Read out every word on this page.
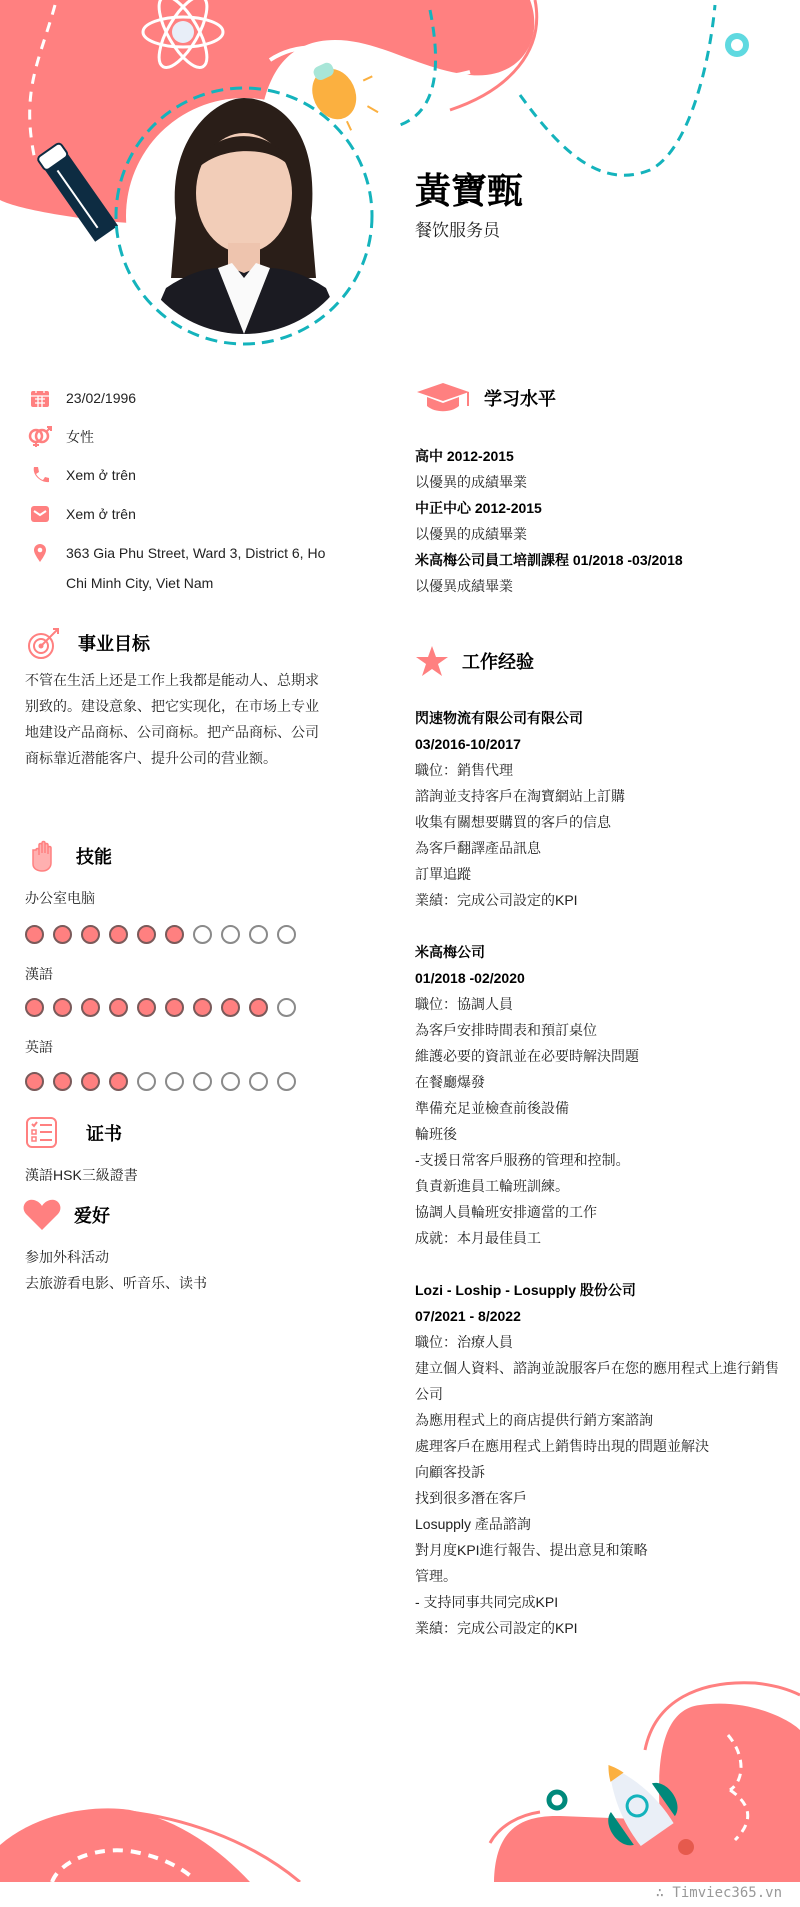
黃寶甄
餐饮服务员
23/02/1996
女性
Xem ở trên
Xem ở trên
363 Gia Phu Street, Ward 3, District 6, Ho Chi Minh City, Viet Nam
事业目标
不管在生活上还是工作上我都是能动人、总期求别致的。建设意象、把它实现化，在市场上专业地建设产品商标、公司商标。把产品商标、公司商标靠近潜能客户、提升公司的营业额。
技能
办公室电脑
漢語
英語
证书
漢語HSK三級證書
爱好
参加外科活动
去旅游看电影、听音乐、读书
学习水平
高中 2012-2015
以優異的成績畢業
中正中心 2012-2015
以優異的成績畢業
米高梅公司員工培訓課程 01/2018 -03/2018
以優異成績畢業
工作经验
閃速物流有限公司有限公司
03/2016-10/2017
職位：銷售代理
諮詢並支持客戶在淘寶網站上訂購
收集有關想要購買的客戶的信息
為客戶翻譯產品訊息
訂單追蹤
業績：完成公司設定的KPI
米高梅公司
01/2018 -02/2020
職位：協調人員
為客戶安排時間表和預訂桌位
維護必要的資訊並在必要時解決問題
在餐廳爆發
準備充足並檢查前後設備
輪班後
-支援日常客戶服務的管理和控制。
負責新進員工輪班訓練。
協調人員輪班安排適當的工作
成就：本月最佳員工
Lozi - Loship - Losupply 股份公司
07/2021 - 8/2022
職位：治療人員
建立個人資料、諮詢並說服客戶在您的應用程式上進行銷售
公司
為應用程式上的商店提供行銷方案諮詢
處理客戶在應用程式上銷售時出現的問題並解決
向顧客投訴
找到很多潛在客戶
Losupply 產品諮詢
對月度KPI進行報告、提出意見和策略
管理。
- 支持同事共同完成KPI
業績：完成公司設定的KPI
∴ Timviec365.vn
